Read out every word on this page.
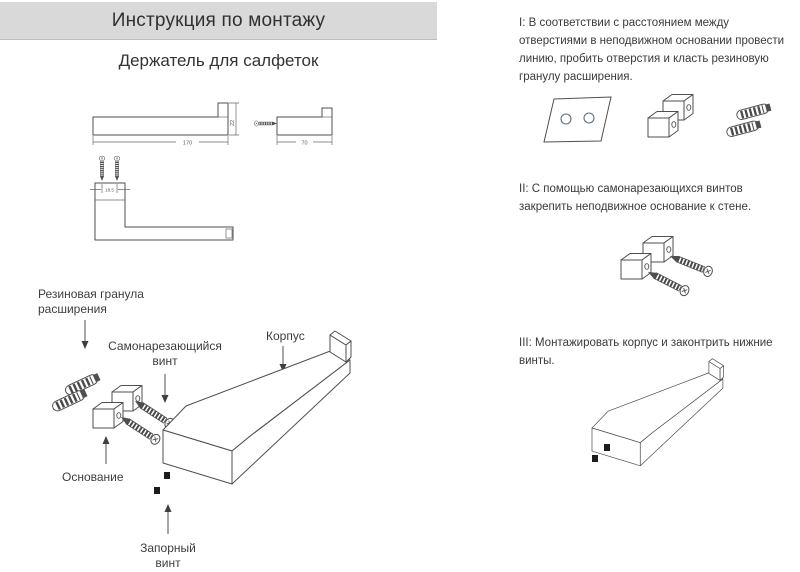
Инструкция по монтажу
Держатель для салфеток
170
22
70
18.5
Резиновая гранула расширения
Самонарезающийся винт
Корпус
Основание
Запорный винт
I: В соответствии с расстоянием между отверстиями в неподвижном основании провести линию, пробить отверстия и класть резиновую гранулу расширения.
II: С помощью самонарезающихся винтов закрепить неподвижное основание к стене.
III: Монтажировать корпус и законтрить нижние винты.
